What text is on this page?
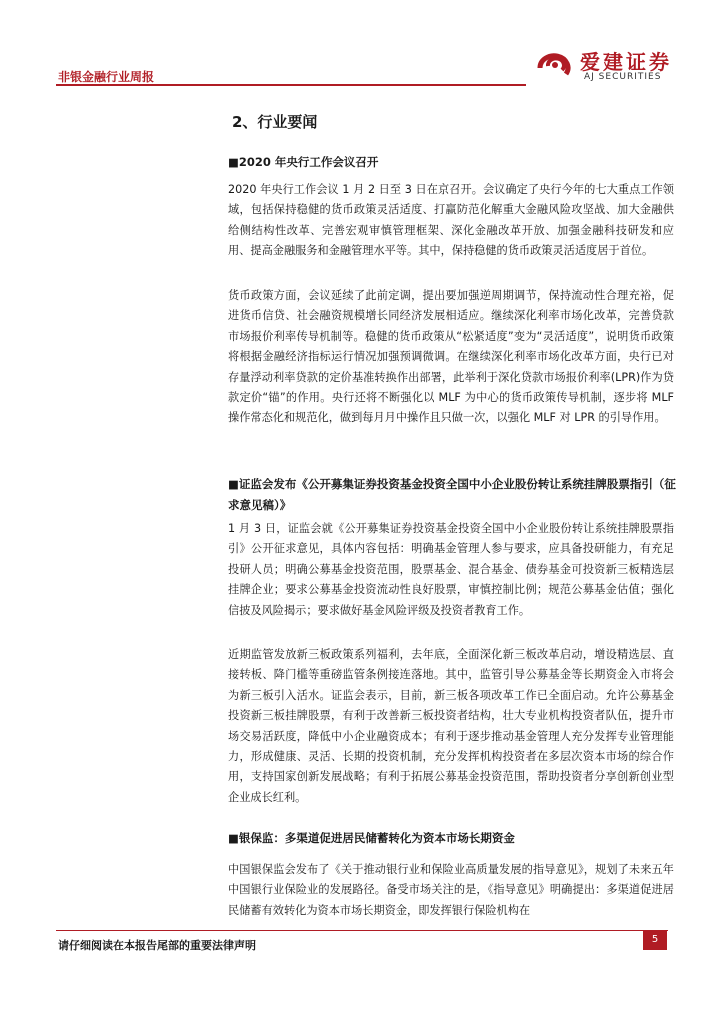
非银金融行业周报
爱建证券
AJ SECURITIES
2、行业要闻
■2020 年央行工作会议召开

2020 年央行工作会议 1 月 2 日至 3 日在京召开。会议确定了央行今年的七大重点工作领域，包括保持稳健的货币政策灵活适度、打赢防范化解重大金融风险攻坚战、加大金融供给侧结构性改革、完善宏观审慎管理框架、深化金融改革开放、加强金融科技研发和应用、提高金融服务和金融管理水平等。其中，保持稳健的货币政策灵活适度居于首位。

货币政策方面，会议延续了此前定调，提出要加强逆周期调节，保持流动性合理充裕，促进货币信贷、社会融资规模增长同经济发展相适应。继续深化利率市场化改革，完善贷款市场报价利率传导机制等。稳健的货币政策从“松紧适度”变为“灵活适度”，说明货币政策将根据金融经济指标运行情况加强预调微调。在继续深化利率市场化改革方面，央行已对存量浮动利率贷款的定价基准转换作出部署，此举利于深化贷款市场报价利率(LPR)作为贷款定价“锚”的作用。央行还将不断强化以 MLF 为中心的货币政策传导机制，逐步将 MLF 操作常态化和规范化，做到每月月中操作且只做一次，以强化 MLF 对 LPR 的引导作用。

■证监会发布《公开募集证券投资基金投资全国中小企业股份转让系统挂牌股票指引（征求意见稿）》

1 月 3 日，证监会就《公开募集证券投资基金投资全国中小企业股份转让系统挂牌股票指引》公开征求意见，具体内容包括：明确基金管理人参与要求，应具备投研能力，有充足投研人员；明确公募基金投资范围，股票基金、混合基金、债券基金可投资新三板精选层挂牌企业；要求公募基金投资流动性良好股票，审慎控制比例；规范公募基金估值；强化信披及风险揭示；要求做好基金风险评级及投资者教育工作。

近期监管发放新三板政策系列福利，去年底，全面深化新三板改革启动，增设精选层、直接转板、降门槛等重磅监管条例接连落地。其中，监管引导公募基金等长期资金入市将会为新三板引入活水。证监会表示，目前，新三板各项改革工作已全面启动。允许公募基金投资新三板挂牌股票，有利于改善新三板投资者结构，壮大专业机构投资者队伍，提升市场交易活跃度，降低中小企业融资成本；有利于逐步推动基金管理人充分发挥专业管理能力，形成健康、灵活、长期的投资机制，充分发挥机构投资者在多层次资本市场的综合作用，支持国家创新发展战略；有利于拓展公募基金投资范围，帮助投资者分享创新创业型企业成长红利。

■银保监：多渠道促进居民储蓄转化为资本市场长期资金

中国银保监会发布了《关于推动银行业和保险业高质量发展的指导意见》，规划了未来五年中国银行业保险业的发展路径。备受市场关注的是，《指导意见》明确提出：多渠道促进居民储蓄有效转化为资本市场长期资金，即发挥银行保险机构在

请仔细阅读在本报告尾部的重要法律声明	5
